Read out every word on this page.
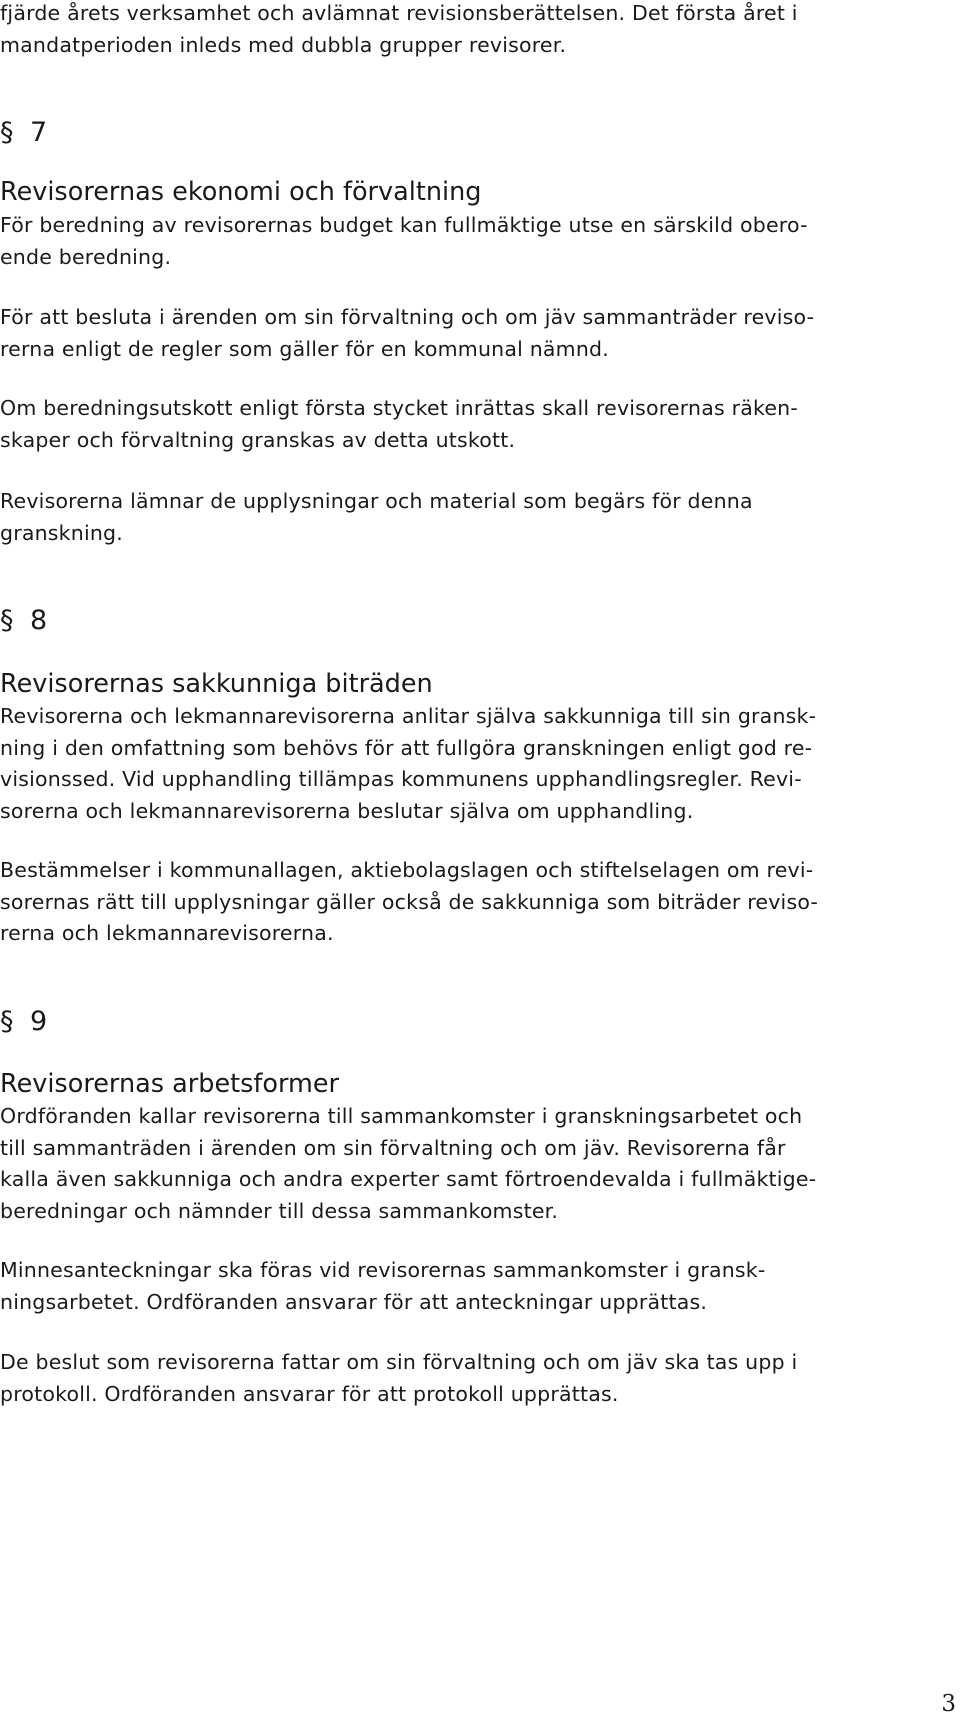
fjärde årets verksamhet och avlämnat revisionsberättelsen. Det första året i
mandatperioden inleds med dubbla grupper revisorer.

§ 7
Revisorernas ekonomi och förvaltning

För beredning av revisorernas budget kan fullmäktige utse en särskild obero-
ende beredning.

För att besluta i ärenden om sin förvaltning och om jäv sammanträder reviso-
rerna enligt de regler som gäller för en kommunal nämnd.

Om beredningsutskott enligt första stycket inrättas skall revisorernas räken-
skaper och förvaltning granskas av detta utskott.

Revisorerna lämnar de upplysningar och material som begärs för denna
granskning.

§ 8
Revisorernas sakkunniga biträden

Revisorerna och lekmannarevisorerna anlitar själva sakkunniga till sin gransk-
ning i den omfattning som behövs för att fullgöra granskningen enligt god re-
visionssed. Vid upphandling tillämpas kommunens upphandlingsregler. Revi-
sorerna och lekmannarevisorerna beslutar själva om upphandling.

Bestämmelser i kommunallagen, aktiebolagslagen och stiftelselagen om revi-
sorernas rätt till upplysningar gäller också de sakkunniga som biträder reviso-
rerna och lekmannarevisorerna.

§ 9
Revisorernas arbetsformer

Ordföranden kallar revisorerna till sammankomster i granskningsarbetet och
till sammanträden i ärenden om sin förvaltning och om jäv. Revisorerna får
kalla även sakkunniga och andra experter samt förtroendevalda i fullmäktige-
beredningar och nämnder till dessa sammankomster.

Minnesanteckningar ska föras vid revisorernas sammankomster i gransk-
ningsarbetet. Ordföranden ansvarar för att anteckningar upprättas.

De beslut som revisorerna fattar om sin förvaltning och om jäv ska tas upp i
protokoll. Ordföranden ansvarar för att protokoll upprättas.

3
